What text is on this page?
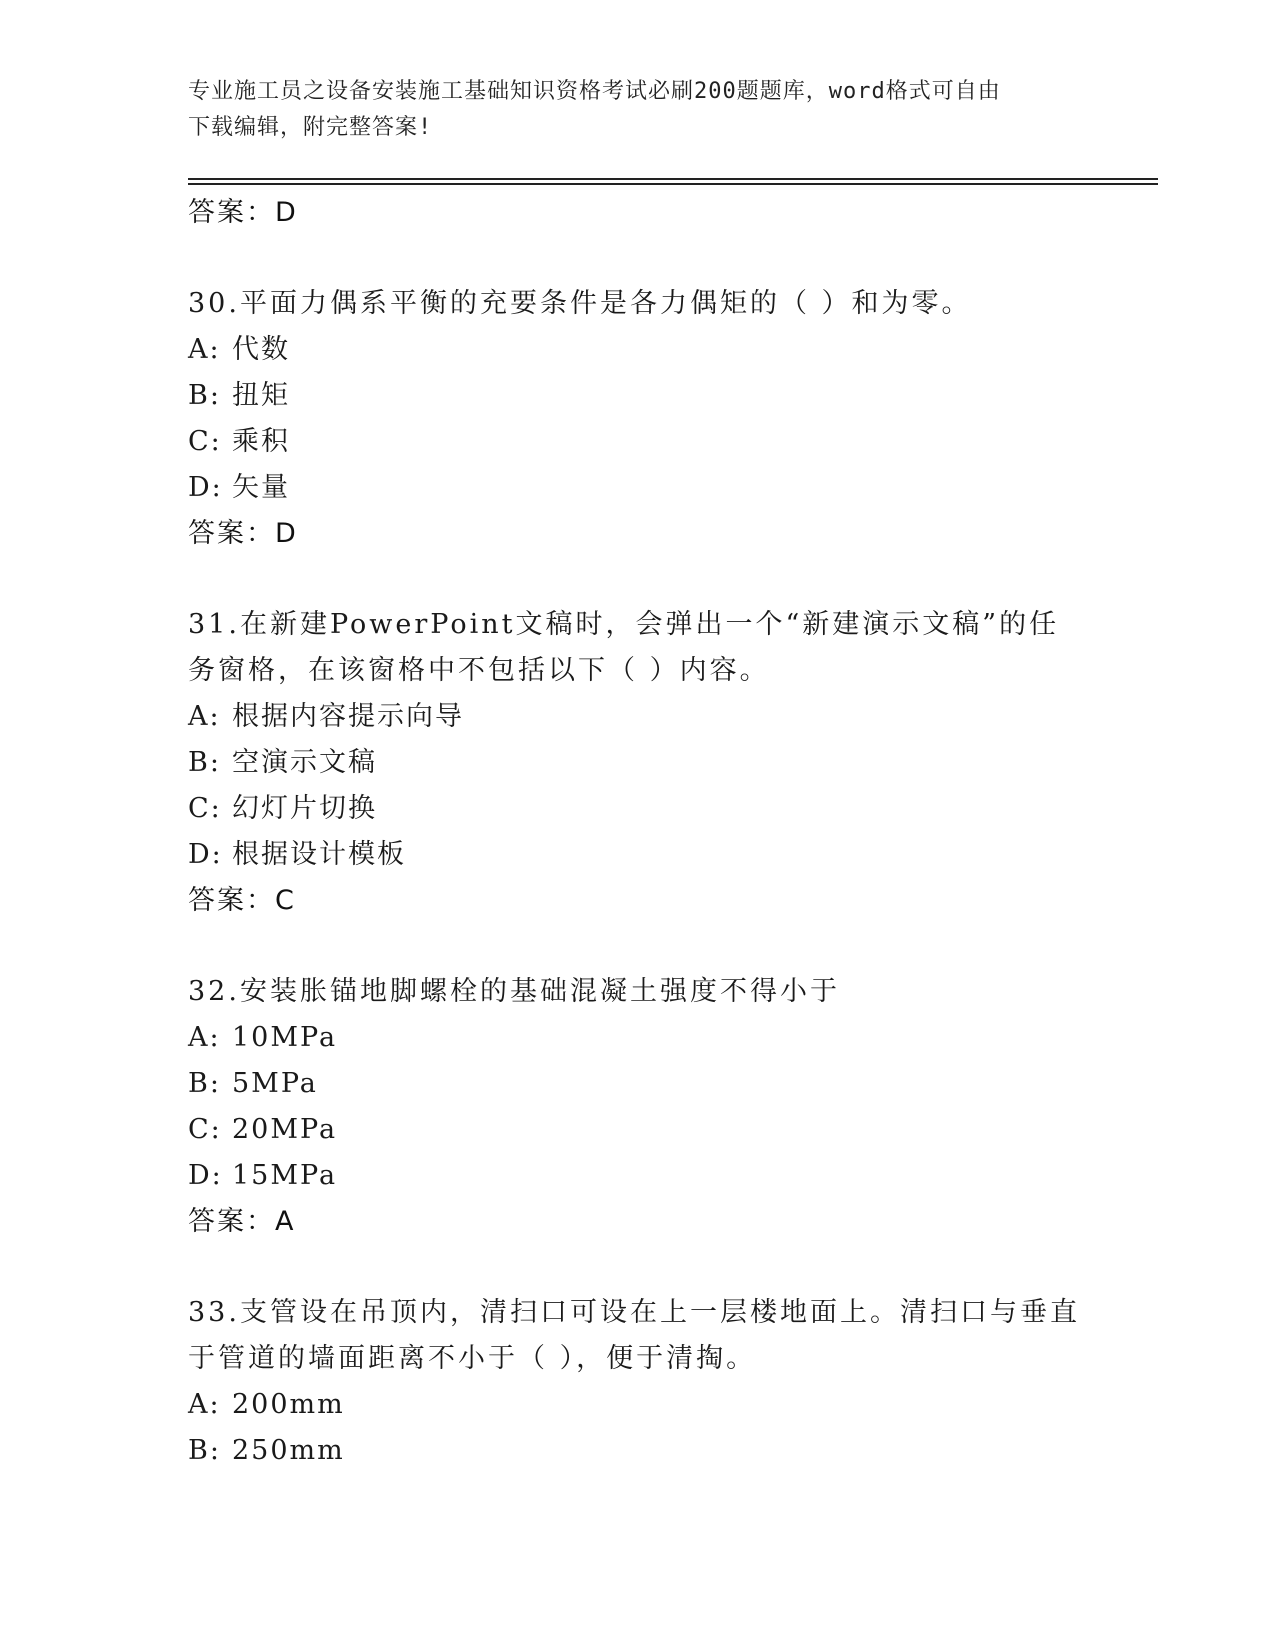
专业施工员之设备安装施工基础知识资格考试必刷200题题库，word格式可自由
下载编辑，附完整答案!
答案：D
30.平面力偶系平衡的充要条件是各力偶矩的（ ）和为零。
A: 代数
B: 扭矩
C: 乘积
D: 矢量
答案：D
31.在新建PowerPoint文稿时，会弹出一个“新建演示文稿”的任务窗格，在该窗格中不包括以下（ ）内容。
A: 根据内容提示向导
B: 空演示文稿
C: 幻灯片切换
D: 根据设计模板
答案：C
32.安装胀锚地脚螺栓的基础混凝土强度不得小于
A: 10MPa
B: 5MPa
C: 20MPa
D: 15MPa
答案：A
33.支管设在吊顶内，清扫口可设在上一层楼地面上。清扫口与垂直于管道的墙面距离不小于（ ），便于清掏。
A: 200mm
B: 250mm
